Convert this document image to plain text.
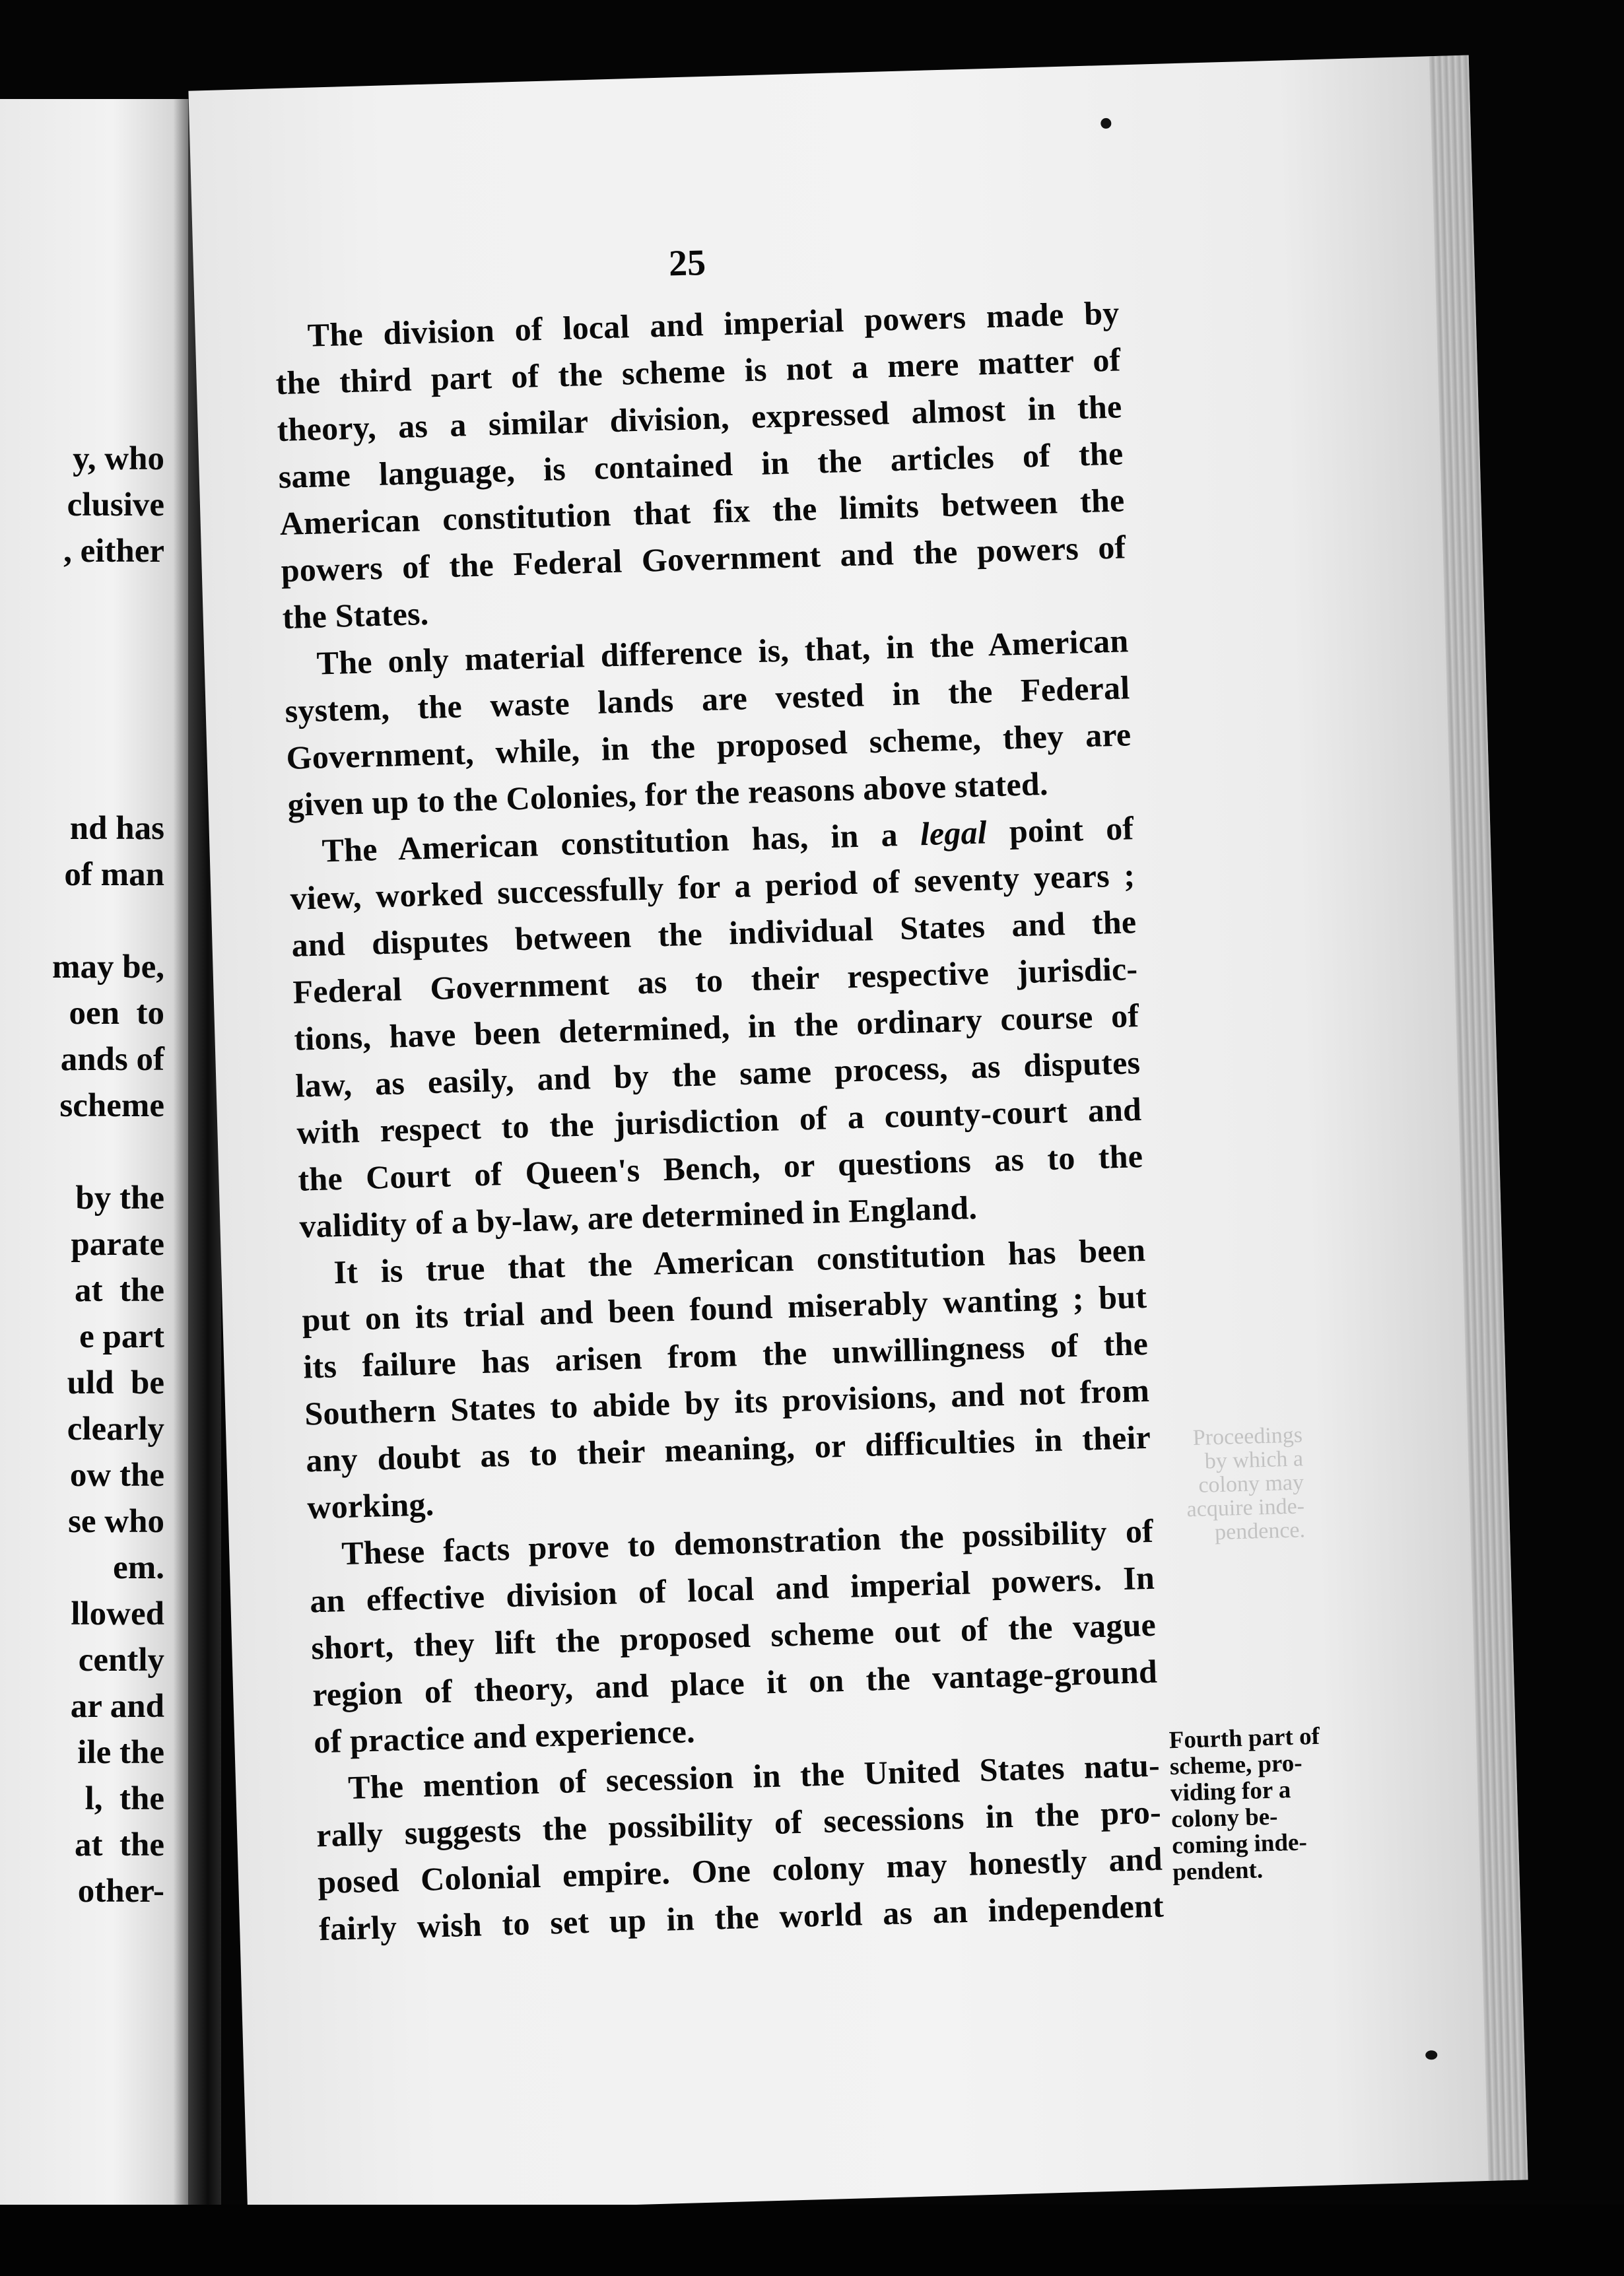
y, who
clusive
, either

nd has
of man

may be,
oen  to
ands of
scheme

by the
parate
at  the
e part
uld  be
clearly
ow the
se who
em.
llowed
cently
ar and
ile the
l,  the
at  the
other-
25
The division of local and imperial powers made by
the third part of the scheme is not a mere matter of
theory, as a similar division, expressed almost in the
same language, is contained in the articles of the
American constitution that fix the limits between the
powers of the Federal Government and the powers of
the States.
The only material difference is, that, in the American
system, the waste lands are vested in the Federal
Government, while, in the proposed scheme, they are
given up to the Colonies, for the reasons above stated.
The American constitution has, in a legal point of
view, worked successfully for a period of seventy years ;
and disputes between the individual States and the
Federal Government as to their respective jurisdic-
tions, have been determined, in the ordinary course of
law, as easily, and by the same process, as disputes
with respect to the jurisdiction of a county-court and
the Court of Queen's Bench, or questions as to the
validity of a by-law, are determined in England.
It is true that the American constitution has been
put on its trial and been found miserably wanting ; but
its failure has arisen from the unwillingness of the
Southern States to abide by its provisions, and not from
any doubt as to their meaning, or difficulties in their
working.
These facts prove to demonstration the possibility of
an effective division of local and imperial powers. In
short, they lift the proposed scheme out of the vague
region of theory, and place it on the vantage-ground
of practice and experience.
The mention of secession in the United States natu-
rally suggests the possibility of secessions in the pro-
posed Colonial empire. One colony may honestly and
fairly wish to set up in the world as an independent
Proceedings
by which a
colony may
acquire inde-
pendence.
Fourth part of
scheme, pro-
viding for a
colony be-
coming inde-
pendent.
